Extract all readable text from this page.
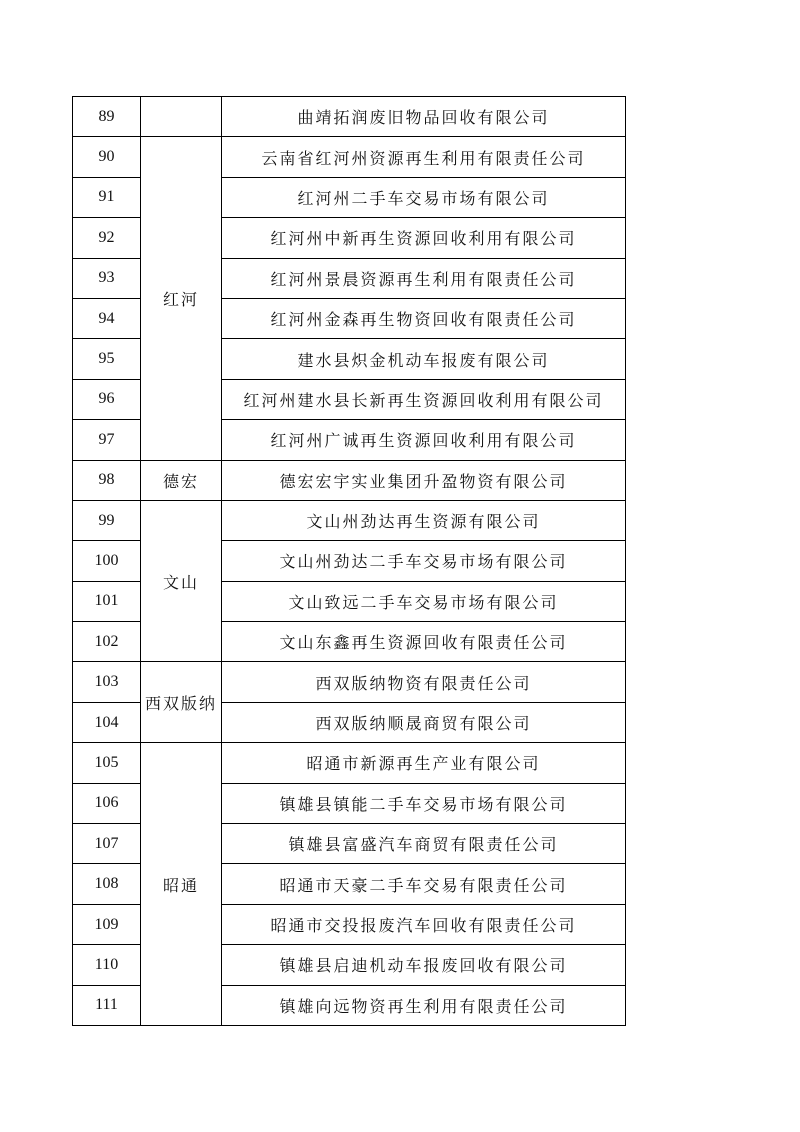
89		曲靖拓润废旧物品回收有限公司
90	红河	云南省红河州资源再生利用有限责任公司
91		红河州二手车交易市场有限公司
92		红河州中新再生资源回收利用有限公司
93		红河州景晨资源再生利用有限责任公司
94		红河州金森再生物资回收有限责任公司
95		建水县炽金机动车报废有限公司
96		红河州建水县长新再生资源回收利用有限公司
97		红河州广诚再生资源回收利用有限公司
98	德宏	德宏宏宇实业集团升盈物资有限公司
99	文山	文山州劲达再生资源有限公司
100		文山州劲达二手车交易市场有限公司
101		文山致远二手车交易市场有限公司
102		文山东鑫再生资源回收有限责任公司
103	西双版纳	西双版纳物资有限责任公司
104		西双版纳顺晟商贸有限公司
105	昭通	昭通市新源再生产业有限公司
106		镇雄县镇能二手车交易市场有限公司
107		镇雄县富盛汽车商贸有限责任公司
108		昭通市天豪二手车交易有限责任公司
109		昭通市交投报废汽车回收有限责任公司
110		镇雄县启迪机动车报废回收有限公司
111		镇雄向远物资再生利用有限责任公司
